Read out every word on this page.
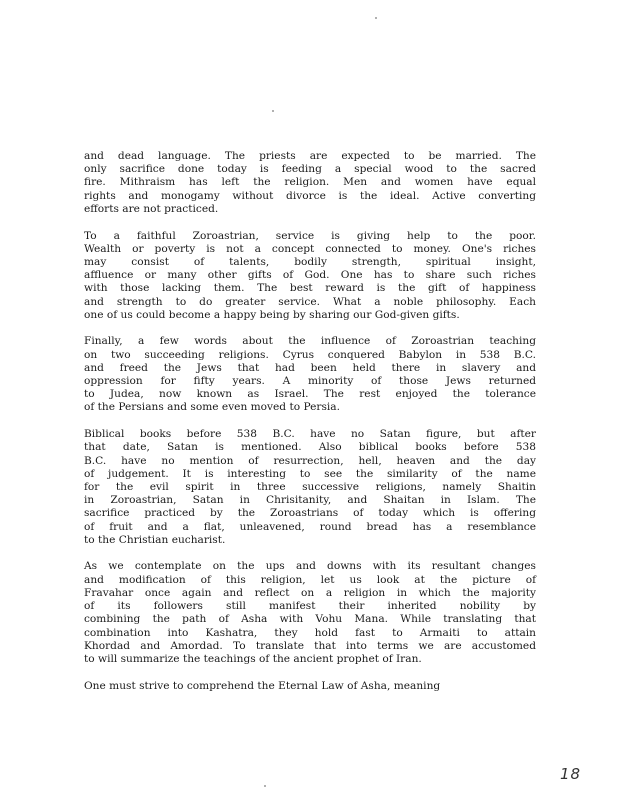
and dead language. The priests are expected to be married. The
only sacrifice done today is feeding a special wood to the sacred
fire. Mithraism has left the religion. Men and women have equal
rights and monogamy without divorce is the ideal. Active converting
efforts are not practiced.

To a faithful Zoroastrian, service is giving help to the poor.
Wealth or poverty is not a concept connected to money. One's riches
may consist of talents, bodily strength, spiritual insight,
affluence or many other gifts of God. One has to share such riches
with those lacking them. The best reward is the gift of happiness
and strength to do greater service. What a noble philosophy. Each
one of us could become a happy being by sharing our God-given gifts.

Finally, a few words about the influence of Zoroastrian teaching
on two succeeding religions. Cyrus conquered Babylon in 538 B.C.
and freed the Jews that had been held there in slavery and
oppression for fifty years. A minority of those Jews returned
to Judea, now known as Israel. The rest enjoyed the tolerance
of the Persians and some even moved to Persia.

Biblical books before 538 B.C. have no Satan figure, but after
that date, Satan is mentioned. Also biblical books before 538
B.C. have no mention of resurrection, hell, heaven and the day
of judgement. It is interesting to see the similarity of the name
for the evil spirit in three successive religions, namely Shaitin
in Zoroastrian, Satan in Chrisitanity, and Shaitan in Islam. The
sacrifice practiced by the Zoroastrians of today which is offering
of fruit and a flat, unleavened, round bread has a resemblance
to the Christian eucharist.

As we contemplate on the ups and downs with its resultant changes
and modification of this religion, let us look at the picture of
Fravahar once again and reflect on a religion in which the majority
of its followers still manifest their inherited nobility by
combining the path of Asha with Vohu Mana. While translating that
combination into Kashatra, they hold fast to Armaiti to attain
Khordad and Amordad. To translate that into terms we are accustomed
to will summarize the teachings of the ancient prophet of Iran.

One must strive to comprehend the Eternal Law of Asha, meaning

18
